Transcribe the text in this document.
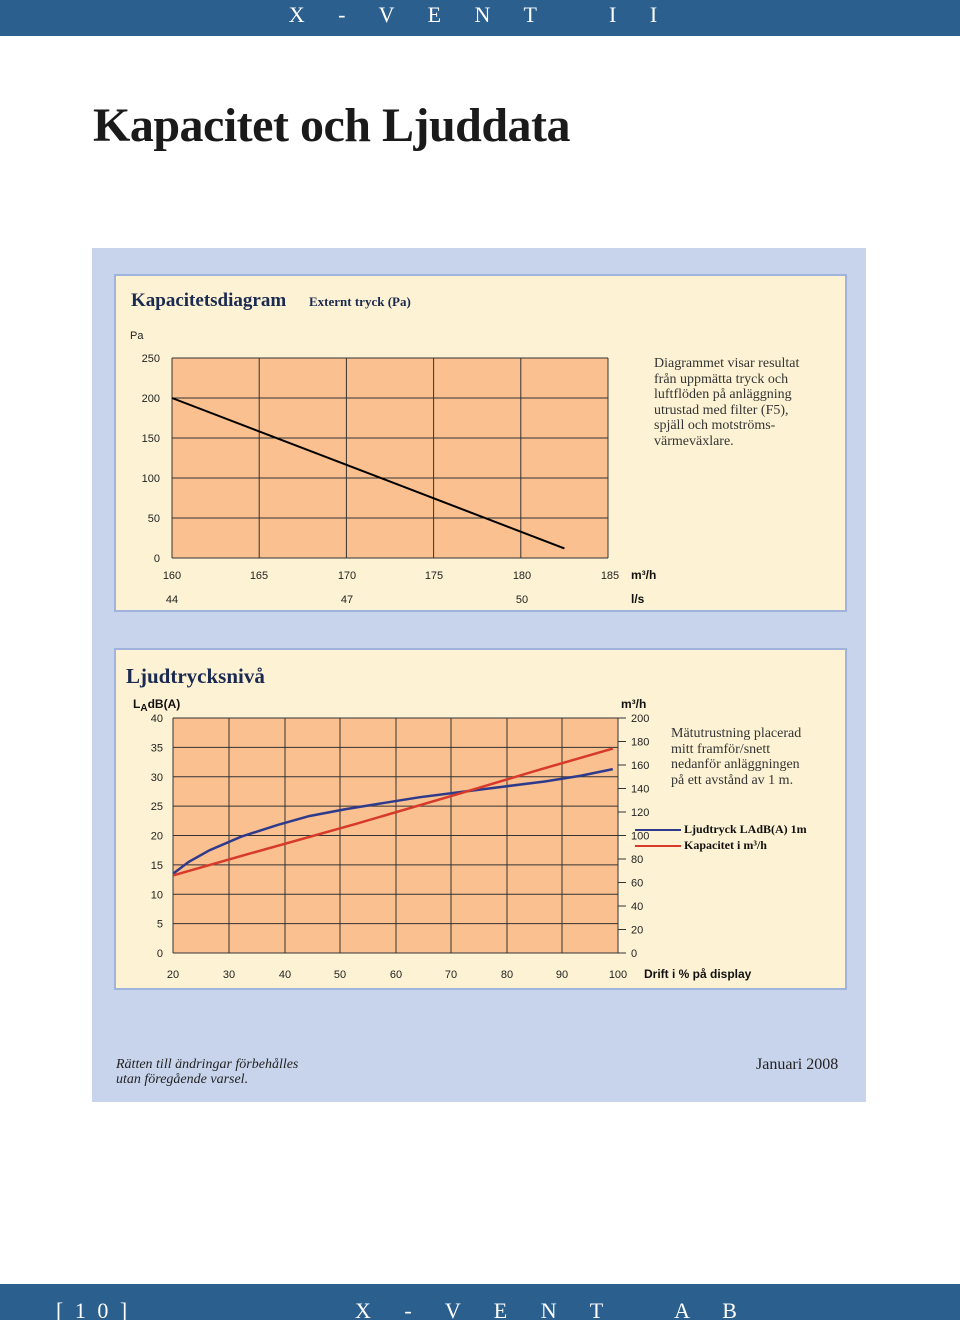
X - V E N T   I I
Kapacitet och Ljuddata
Kapacitetsdiagram Externt tryck (Pa)
Pa
250
200
150
100
50
0
160	165	170	175	180	185 m³/h
44	47	50	l/s
Diagrammet visar resultat
från uppmätta tryck och
luftflöden på anläggning
utrustad med filter (F5),
spjäll och motströms-
värmeväxlare.
Ljudtrycksnivå
$L_AdB(A)$	m³/h
40
35
30
25
20
15
10
5
0
200
180
160
140
120
100
80
60
40
20
0
20	30	40	50	60	70	80	90	100 Drift i % på display
Mätutrustning placerad
mitt framför/snett
nedanför anläggningen
på ett avstånd av 1 m.
Ljudtryck LAdB(A) 1m
Kapacitet i m³/h
Rätten till ändringar förbehålles
utan föregående varsel.
Januari 2008
[ 1 0 ]	X - V E N T   A B
